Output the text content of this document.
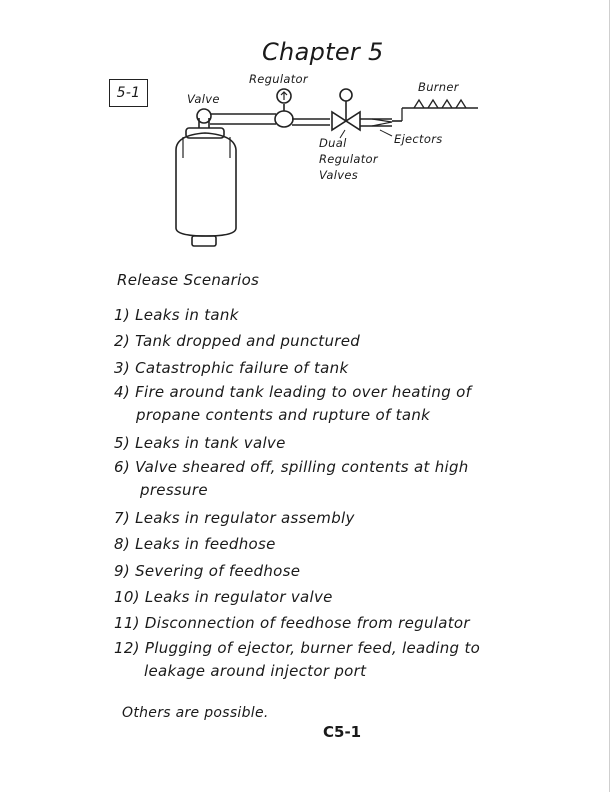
Chapter 5
5-1	Valve
Regulator
Dual
Regulator
Valves
Burner
Ejectors
Release Scenarios
1) Leaks in tank
2) Tank dropped and punctured
3) Catastrophic failure of tank
4) Fire around tank leading to over heating of propane contents and rupture of tank
5) Leaks in tank valve
6) Valve sheared off, spilling contents at high pressure
7) Leaks in regulator assembly
8) Leaks in feedhose
9) Severing of feedhose
10) Leaks in regulator valve
11) Disconnection of feedhose from regulator
12) Plugging of ejector, burner feed, leading to leakage around injector port
Others are possible.
C5-1
